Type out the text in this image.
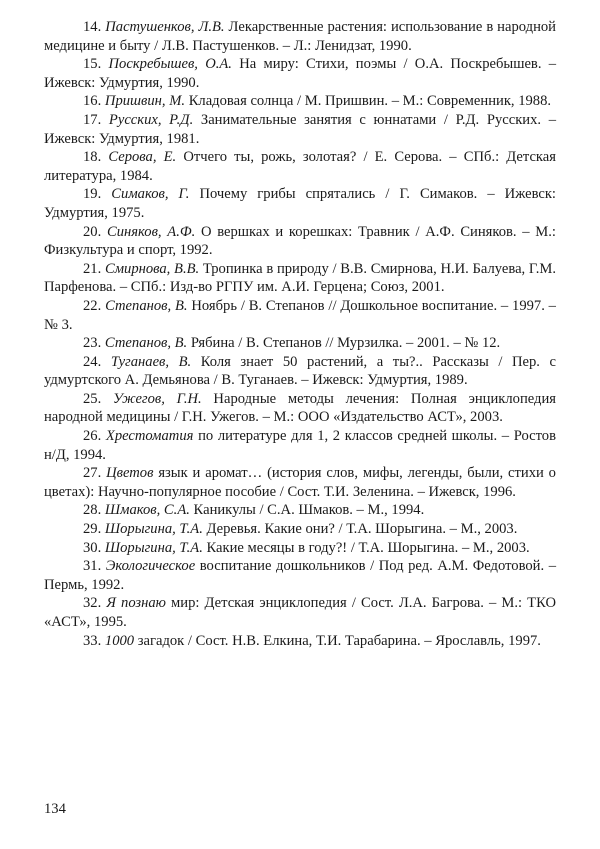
14. Пастушенков, Л.В. Лекарственные растения: использование в народной медицине и быту / Л.В. Пастушенков. – Л.: Ленидзат, 1990.

15. Поскребышев, О.А. На миру: Стихи, поэмы / О.А. Поскребышев. – Ижевск: Удмуртия, 1990.

16. Пришвин, М. Кладовая солнца / М. Пришвин. – М.: Современник, 1988.

17. Русских, Р.Д. Занимательные занятия с юннатами / Р.Д. Русских. – Ижевск: Удмуртия, 1981.

18. Серова, Е. Отчего ты, рожь, золотая? / Е. Серова. – СПб.: Детская литература, 1984.

19. Симаков, Г. Почему грибы спрятались / Г. Симаков. – Ижевск: Удмуртия, 1975.

20. Синяков, А.Ф. О вершках и корешках: Травник / А.Ф. Синяков. – М.: Физкультура и спорт, 1992.

21. Смирнова, В.В. Тропинка в природу / В.В. Смирнова, Н.И. Балуева, Г.М. Парфенова. – СПб.: Изд-во РГПУ им. А.И. Герцена; Союз, 2001.

22. Степанов, В. Ноябрь / В. Степанов // Дошкольное воспитание. – 1997. – № 3.

23. Степанов, В. Рябина / В. Степанов // Мурзилка. – 2001. – № 12.

24. Туганаев, В. Коля знает 50 растений, а ты?.. Рассказы / Пер. с удмуртского А. Демьянова / В. Туганаев. – Ижевск: Удмуртия, 1989.

25. Ужегов, Г.Н. Народные методы лечения: Полная энциклопедия народной медицины / Г.Н. Ужегов. – М.: ООО «Издательство АСТ», 2003.

26. Хрестоматия по литературе для 1, 2 классов средней школы. – Ростов н/Д, 1994.

27. Цветов язык и аромат… (история слов, мифы, легенды, были, стихи о цветах): Научно-популярное пособие / Сост. Т.И. Зеленина. – Ижевск, 1996.

28. Шмаков, С.А. Каникулы / С.А. Шмаков. – М., 1994.

29. Шорыгина, Т.А. Деревья. Какие они? / Т.А. Шорыгина. – М., 2003.

30. Шорыгина, Т.А. Какие месяцы в году?! / Т.А. Шорыгина. – М., 2003.

31. Экологическое воспитание дошкольников / Под ред. А.М. Федотовой. – Пермь, 1992.

32. Я познаю мир: Детская энциклопедия / Сост. Л.А. Багрова. – М.: ТКО «АСТ», 1995.

33. 1000 загадок / Сост. Н.В. Елкина, Т.И. Тарабарина. – Ярославль, 1997.

134
